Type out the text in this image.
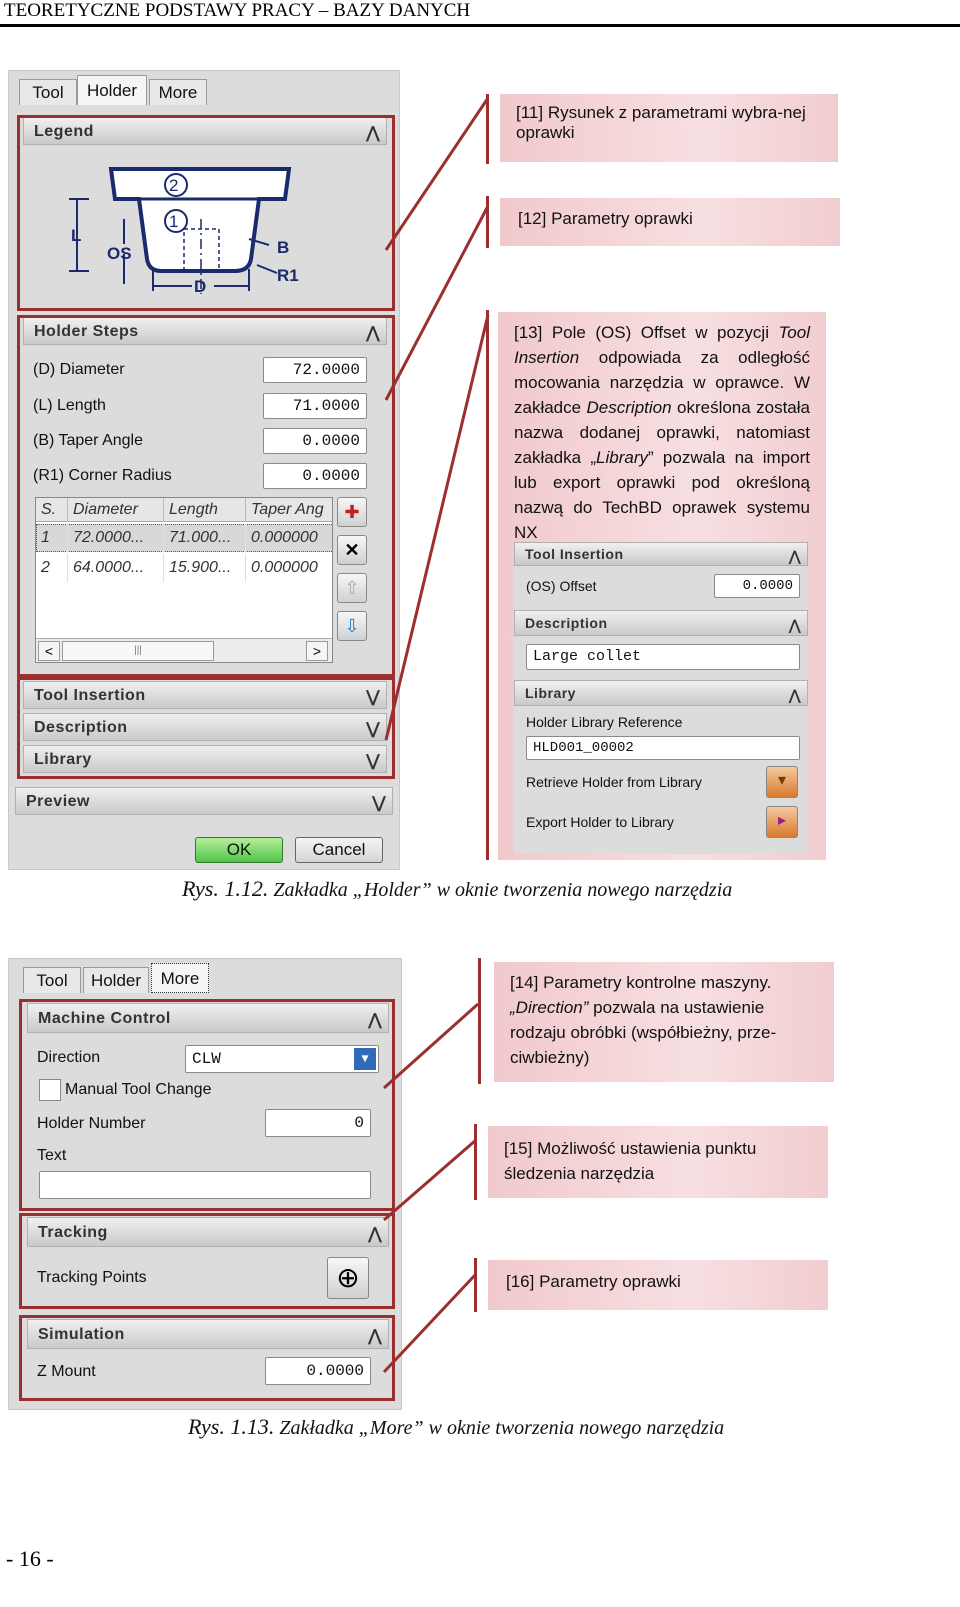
TEORETYCZNE PODSTAWY PRACY – BAZY DANYCH
Tool	Holder	More
Legend	⋀
2
1
L
OS
D
B
R1
Holder Steps	⋀
(D) Diameter	72.0000
(L) Length	71.0000
(B) Taper Angle	0.0000
(R1) Corner Radius	0.0000
S.	Diameter	Length	Taper Ang
1	72.0000...	71.000...	0.000000
2	64.0000...	15.900...	0.000000
<	|||	>
✚
✕
⇧
⇩
Tool Insertion	⋁
Description	⋁
Library	⋁
Preview	⋁
OK	Cancel
[11] Rysunek z parametrami wybra-nej oprawki
[12] Parametry oprawki
[13] Pole (OS) Offset w pozycji Tool Insertion odpowiada za odległość mocowania narzędzia w oprawce. W zakładce Description określona została nazwa dodanej oprawki, natomiast zakładka „Library” pozwala na import lub export oprawki pod określoną nazwą do TechBD oprawek systemu NX
Tool Insertion	⋀
(OS) Offset	0.0000
Description	⋀
Large collet
Library	⋀
Holder Library Reference
HLD001_00002
Retrieve Holder from Library	▾
Export Holder to Library	▸
Rys. 1.12. Zakładka „Holder” w oknie tworzenia nowego narzędzia
Tool	Holder	More
Machine Control	⋀
Direction	CLW	▼
Manual Tool Change
Holder Number	0
Text
Tracking	⋀
Tracking Points	⊕
Simulation	⋀
Z Mount	0.0000
[14] Parametry kontrolne maszyny.
„Direction” pozwala na ustawienie rodzaju obróbki (współbieżny, prze-ciwbieżny)
[15] Możliwość ustawienia punktu śledzenia narzędzia
[16] Parametry oprawki
Rys. 1.13. Zakładka „More” w oknie tworzenia nowego narzędzia
- 16 -
